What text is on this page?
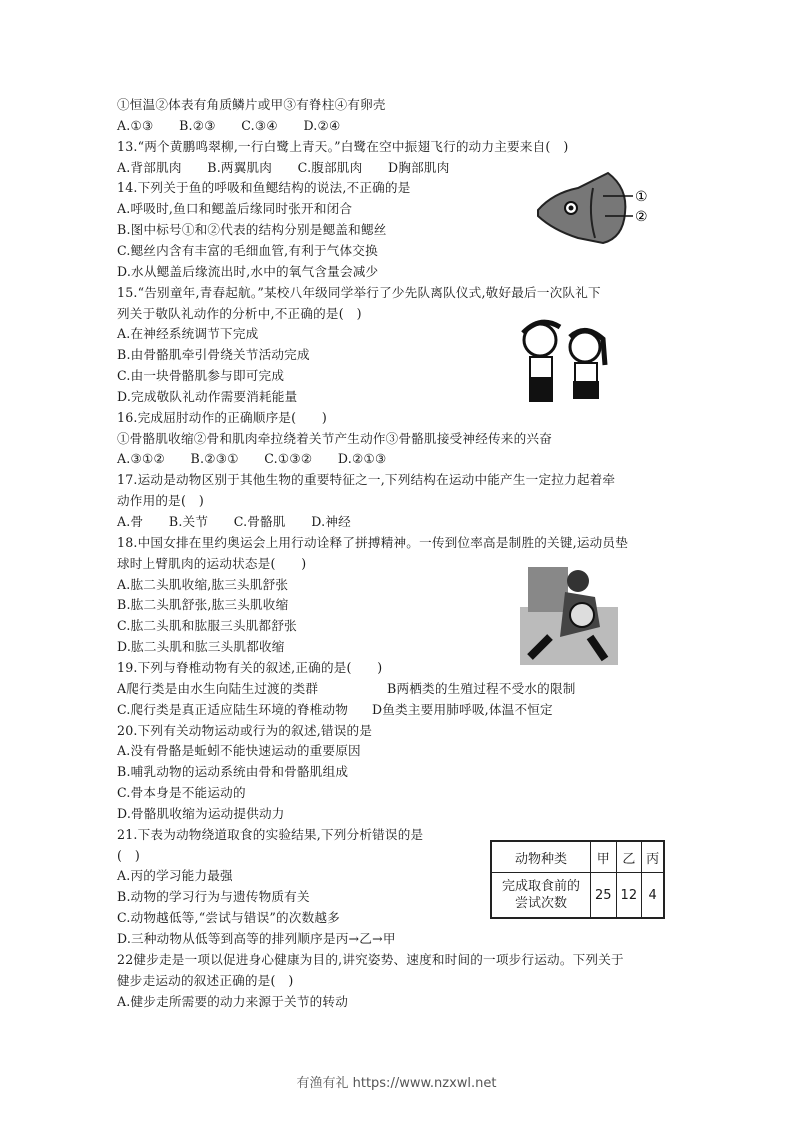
①恒温②体表有角质鳞片或甲③有脊柱④有卵壳
A.①③　　B.②③　　C.③④　　D.②④
13.“两个黄鹏鸣翠柳,一行白鹭上青天。”白鹭在空中振翅飞行的动力主要来自(　)
A.背部肌肉　　B.两翼肌肉　　C.腹部肌肉　　D胸部肌肉
14.下列关于鱼的呼吸和鱼鳃结构的说法,不正确的是
A.呼吸时,鱼口和鳃盖后缘同时张开和闭合
B.图中标号①和②代表的结构分别是鳃盖和鳃丝
C.鳃丝内含有丰富的毛细血管,有利于气体交换
D.水从鳃盖后缘流出时,水中的氧气含量会减少
15.“告别童年,青春起航。”某校八年级同学举行了少先队离队仪式,敬好最后一次队礼下
列关于敬队礼动作的分析中,不正确的是(　)
A.在神经系统调节下完成
B.由骨骼肌牵引骨绕关节活动完成
C.由一块骨骼肌参与即可完成
D.完成敬队礼动作需要消耗能量
16.完成屈肘动作的正确顺序是(　　)
①骨骼肌收缩②骨和肌肉牵拉绕着关节产生动作③骨骼肌接受神经传来的兴奋
A.③①②　　B.②③①　　C.①③②　　D.②①③
17.运动是动物区别于其他生物的重要特征之一,下列结构在运动中能产生一定拉力起着牵
动作用的是(　)
A.骨　　B.关节　　C.骨骼肌　　D.神经
18.中国女排在里约奥运会上用行动诠释了拼搏精神。一传到位率高是制胜的关键,运动员垫
球时上臂肌肉的运动状态是(　　)
A.肱二头肌收缩,肱三头肌舒张
B.肱二头肌舒张,肱三头肌收缩
C.肱二头肌和肱服三头肌都舒张
D.肱二头肌和肱三头肌都收缩
19.下列与脊椎动物有关的叙述,正确的是(　　)
A爬行类是由水生向陆生过渡的类群	B两栖类的生殖过程不受水的限制
C.爬行类是真正适应陆生环境的脊椎动物 D鱼类主要用肺呼吸,体温不恒定
20.下列有关动物运动或行为的叙述,错误的是
A.没有骨骼是蚯蚓不能快速运动的重要原因
B.哺乳动物的运动系统由骨和骨骼肌组成
C.骨本身是不能运动的
D.骨骼肌收缩为运动提供动力
21.下表为动物绕道取食的实验结果,下列分析错误的是
(　)
A.丙的学习能力最强
B.动物的学习行为与遗传物质有关
C.动物越低等,“尝试与错误”的次数越多
D.三种动物从低等到高等的排列顺序是丙→乙→甲
22健步走是一项以促进身心健康为目的,讲究姿势、速度和时间的一项步行运动。下列关于
健步走运动的叙述正确的是(　)
A.健步走所需要的动力来源于关节的转动
①
②
动物种类	甲	乙	丙
完成取食前的尝试次数	25	12	4
有渔有礼 https://www.nzxwl.net
